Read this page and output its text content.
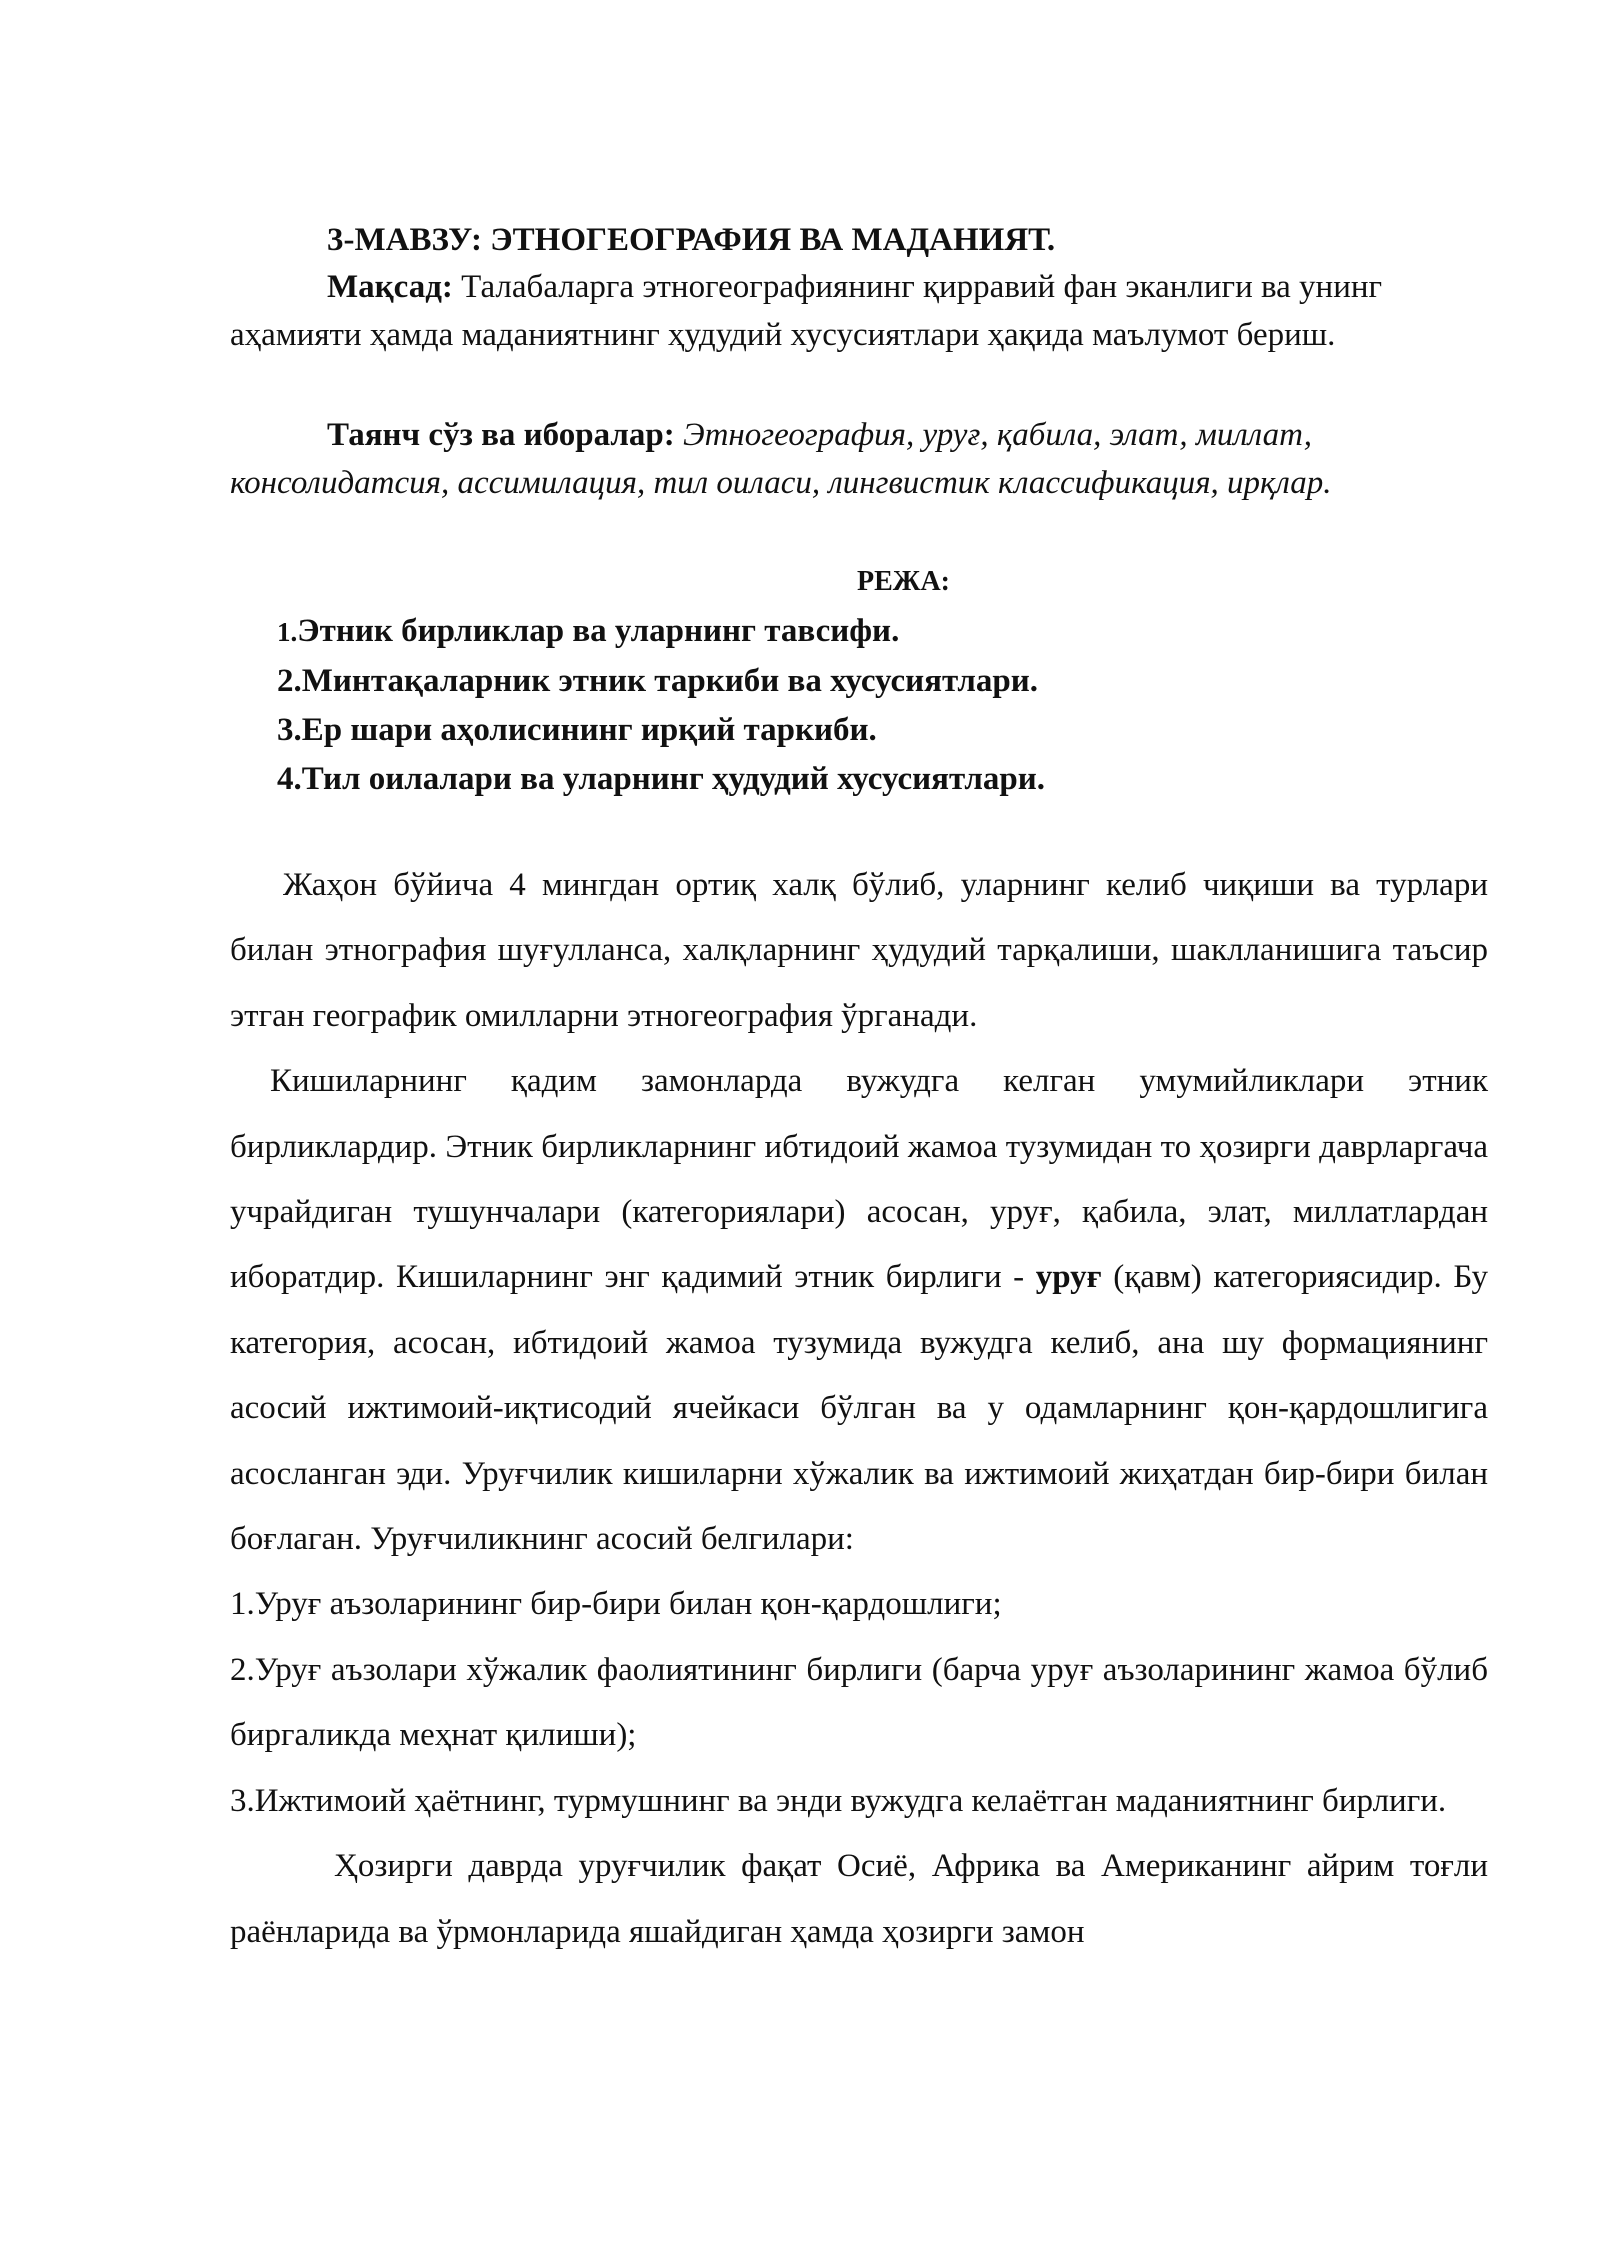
3-МАВЗУ: ЭТНОГЕОГРАФИЯ ВА МАДАНИЯТ.

Мақсад: Талабаларга этногеографиянинг қирравий фан эканлиги ва унинг аҳамияти ҳамда маданиятнинг ҳудудий хусусиятлари ҳақида маълумот бериш.

Таянч сўз ва иборалар: Этногеография, уруғ, қабила, элат, миллат, консолидатсия, ассимилация, тил оиласи, лингвистик классификация, ирқлар.

РЕЖА:
1.Этник бирликлар ва уларнинг тавсифи.
2.Минтақаларник этник таркиби ва хусусиятлари.
3.Ер шари аҳолисининг ирқий таркиби.
4.Тил оилалари ва уларнинг ҳудудий хусусиятлари.

Жаҳон бўйича 4 мингдан ортиқ халқ бўлиб, уларнинг келиб чиқиши ва турлари билан этнография шуғулланса, халқларнинг ҳудудий тарқалиши, шаклланишига таъсир этган географик омилларни этногеография ўрганади.

Кишиларнинг қадим замонларда вужудга келган умумийликлари этник бирликлардир. Этник бирликларнинг ибтидоий жамоа тузумидан то ҳозирги даврларгача учрайдиган тушунчалари (категориялари) асосан, уруғ, қабила, элат, миллатлардан иборатдир. Кишиларнинг энг қадимий этник бирлиги - уруғ (қавм) категориясидир. Бу категория, асосан, ибтидоий жамоа тузумида вужудга келиб, ана шу формациянинг асосий ижтимоий-иқтисодий ячейкаси бўлган ва у одамларнинг қон-қардошлигига асосланган эди. Уруғчилик кишиларни хўжалик ва ижтимоий жиҳатдан бир-бири билан боғлаган. Уруғчиликнинг асосий белгилари:

1.Уруғ аъзоларининг бир-бири билан қон-қардошлиги;

2.Уруғ аъзолари хўжалик фаолиятининг бирлиги (барча уруғ аъзоларининг жамоа бўлиб биргаликда меҳнат қилиши);

3.Ижтимоий ҳаётнинг, турмушнинг ва энди вужудга келаётган маданиятнинг бирлиги.

Ҳозирги даврда уруғчилик фақат Осиё, Африка ва Американинг айрим тоғли раёнларида ва ўрмонларида яшайдиган ҳамда ҳозирги замон
